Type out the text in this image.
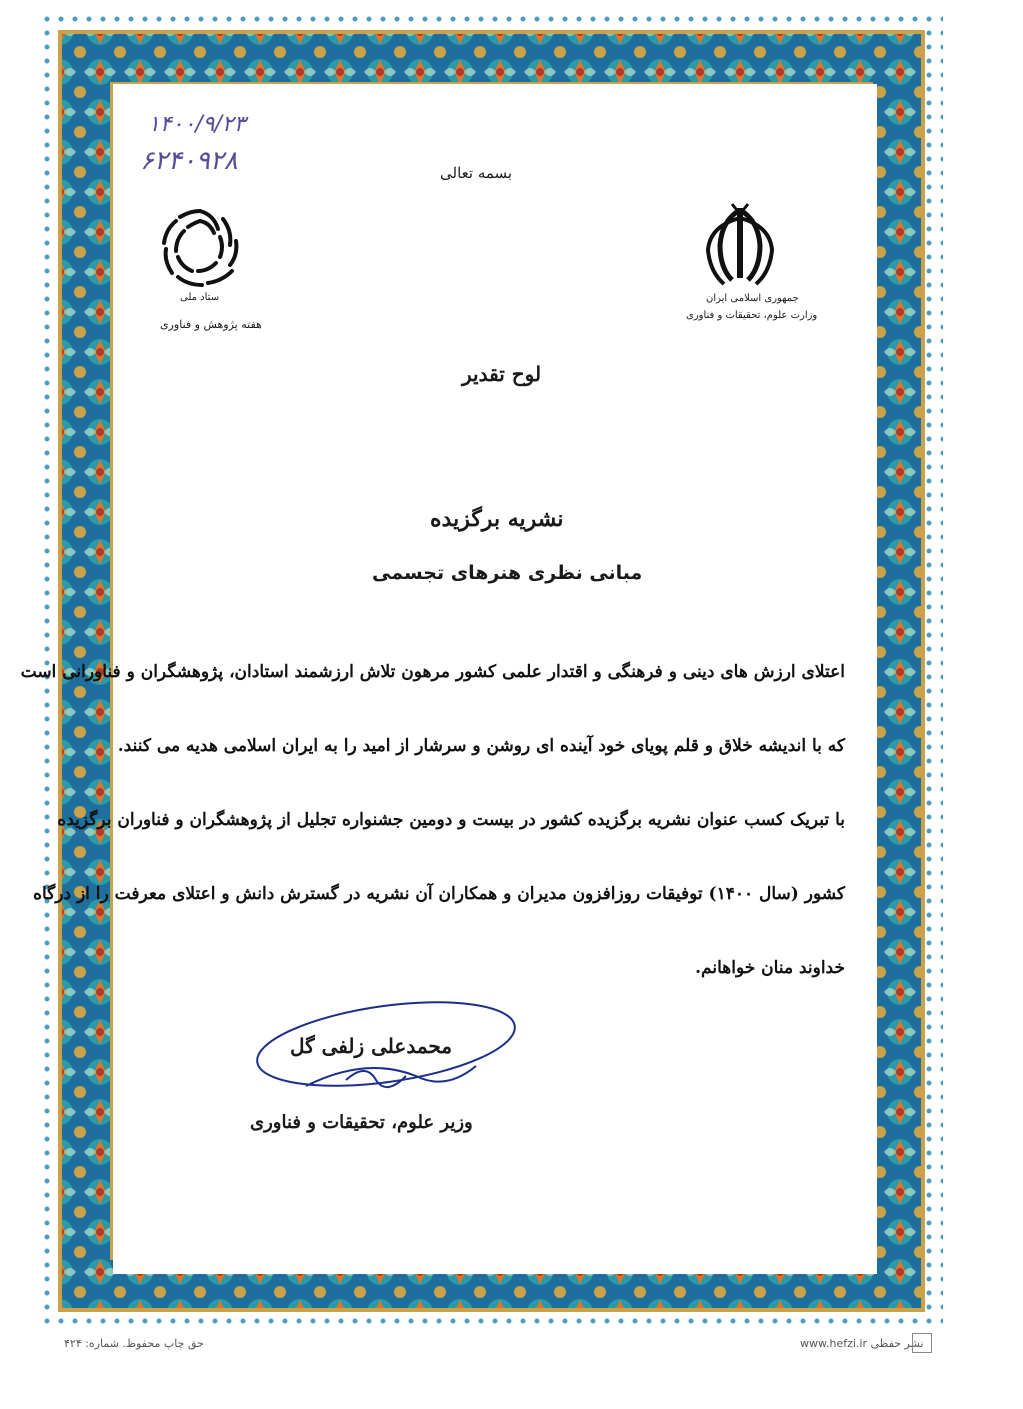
۱۴۰۰/۹/۲۳
۶۲۴۰۹۲۸	بسمه تعالی
جمهوری اسلامی ایران
وزارت علوم، تحقیقات و فناوری
ستاد ملی
هفته پژوهش و فناوری
لوح تقدیر
نشریه برگزیده
مبانی نظری هنرهای تجسمی
اعتلای ارزش های دینی و فرهنگی و اقتدار علمی کشور مرهون تلاش ارزشمند استادان، پژوهشگران و فناورانی است
که با اندیشه خلاق و قلم پویای خود آینده ای روشن و سرشار از امید را به ایران اسلامی هدیه می کنند.
با تبریک کسب عنوان نشریه برگزیده کشور در بیست و دومین جشنواره تجلیل از پژوهشگران و فناوران برگزیده
کشور (سال ۱۴۰۰) توفیقات روزافزون مدیران و همکاران آن نشریه در گسترش دانش و اعتلای معرفت را از درگاه
خداوند منان خواهانم.
محمدعلی زلفی گل
وزیر علوم، تحقیقات و فناوری
حق چاپ محفوظ. شماره: ۴۲۴	www.hefzi.ir نشر حفظی
